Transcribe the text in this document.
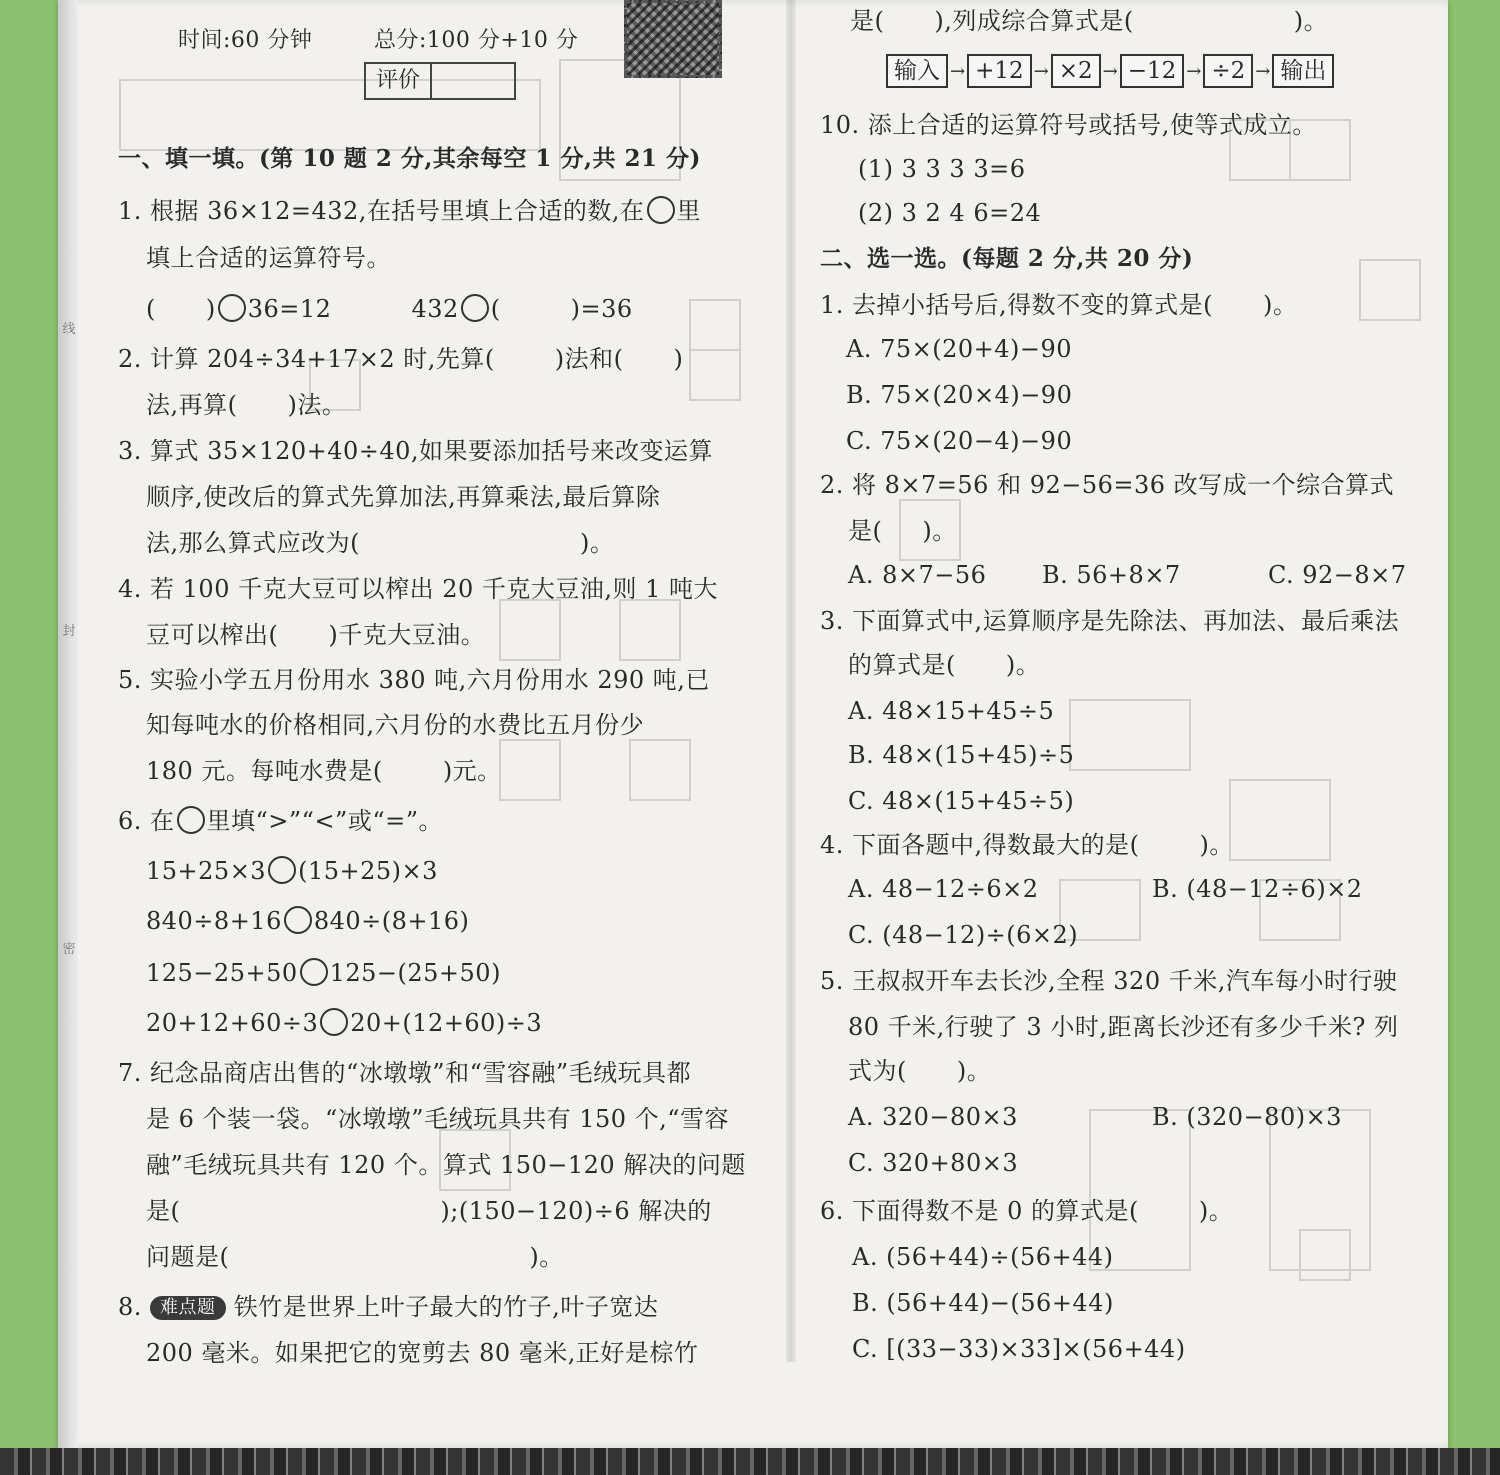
线
封
密
时间:60 分钟	总分:100 分+10 分
评价
一、填一填。(第 10 题 2 分,其余每空 1 分,共 21 分)
1. 根据 36×12=432,在括号里填上合适的数,在 里
填上合适的运算符号。
( ) 36=12	432 (	)=36
2. 计算 204÷34+17×2 时,先算(	)法和( )
法,再算( )法。
3. 算式 35×120+40÷40,如果要添加括号来改变运算
顺序,使改后的算式先算加法,再算乘法,最后算除
法,那么算式应改为(	)。
4. 若 100 千克大豆可以榨出 20 千克大豆油,则 1 吨大
豆可以榨出( )千克大豆油。
5. 实验小学五月份用水 380 吨,六月份用水 290 吨,已
知每吨水的价格相同,六月份的水费比五月份少
180 元。每吨水费是(	)元。
6. 在 里填“>”“<”或“=”。
15+25×3 (15+25)×3
840÷8+16 840÷(8+16)
125−25+50 125−(25+50)
20+12+60÷3 20+(12+60)÷3
7. 纪念品商店出售的“冰墩墩”和“雪容融”毛绒玩具都
是 6 个装一袋。“冰墩墩”毛绒玩具共有 150 个,“雪容
融”毛绒玩具共有 120 个。算式 150−120 解决的问题
是(	);(150−120)÷6 解决的
问题是(	)。
8. 难点题 铁竹是世界上叶子最大的竹子,叶子宽达
200 毫米。如果把它的宽剪去 80 毫米,正好是棕竹
是( ),列成综合算式是(	)。
输入 → +12 → ×2 → −12 → ÷2 → 输出
10. 添上合适的运算符号或括号,使等式成立。
(1) 3 3 3 3=6
(2) 3 2 4 6=24
二、选一选。(每题 2 分,共 20 分)
1. 去掉小括号后,得数不变的算式是( )。
A. 75×(20+4)−90
B. 75×(20×4)−90
C. 75×(20−4)−90
2. 将 8×7=56 和 92−56=36 改写成一个综合算式
是( )。
A. 8×7−56 B. 56+8×7	C. 92−8×7
3. 下面算式中,运算顺序是先除法、再加法、最后乘法
的算式是( )。
A. 48×15+45÷5
B. 48×(15+45)÷5
C. 48×(15+45÷5)
4. 下面各题中,得数最大的是(	)。
A. 48−12÷6×2	B. (48−12÷6)×2
C. (48−12)÷(6×2)
5. 王叔叔开车去长沙,全程 320 千米,汽车每小时行驶
80 千米,行驶了 3 小时,距离长沙还有多少千米? 列
式为( )。
A. 320−80×3	B. (320−80)×3
C. 320+80×3
6. 下面得数不是 0 的算式是(	)。
A. (56+44)÷(56+44)
B. (56+44)−(56+44)
C. [(33−33)×33]×(56+44)
